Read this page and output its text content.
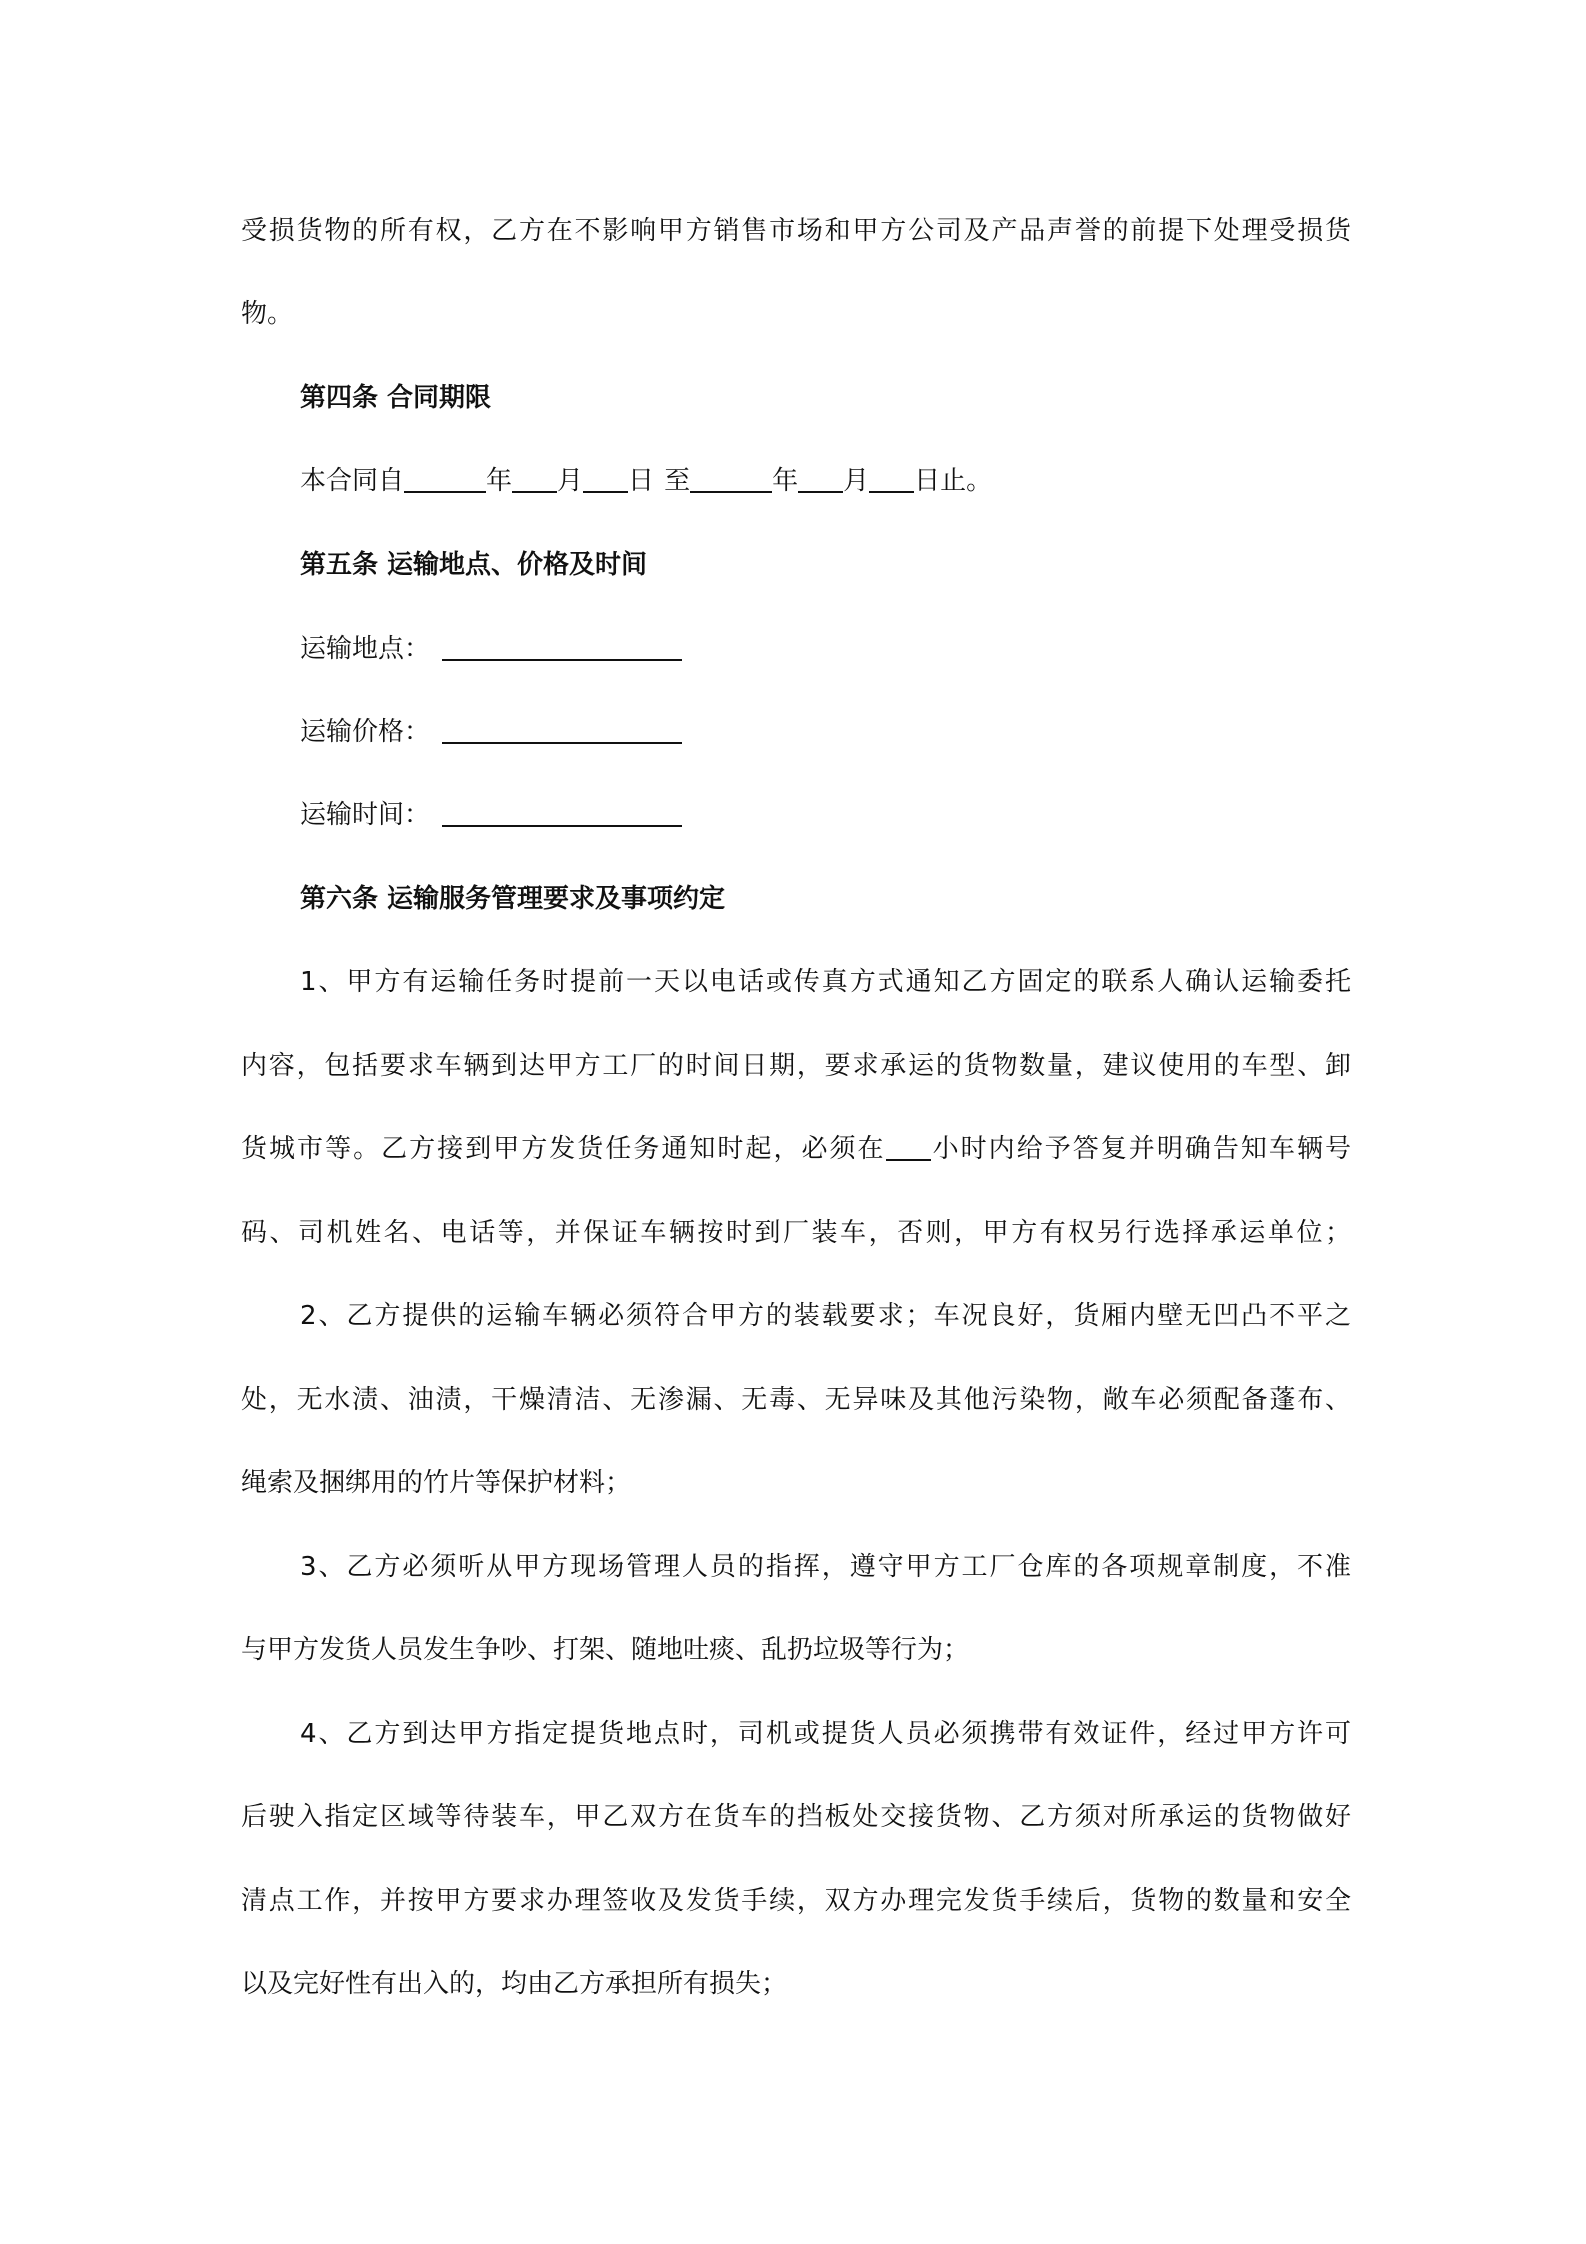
受损货物的所有权，乙方在不影响甲方销售市场和甲方公司及产品声誉的前提下处理受损货
物。
第四条 合同期限
本合同自	年 月 日 至	年 月 日止。
第五条 运输地点、价格及时间
运输地点：
运输价格：
运输时间：
第六条 运输服务管理要求及事项约定
1、甲方有运输任务时提前一天以电话或传真方式通知乙方固定的联系人确认运输委托
内容，包括要求车辆到达甲方工厂的时间日期，要求承运的货物数量，建议使用的车型、卸
货城市等。乙方接到甲方发货任务通知时起，必须在 小时内给予答复并明确告知车辆号
码、司机姓名、电话等，并保证车辆按时到厂装车，否则，甲方有权另行选择承运单位；
2、乙方提供的运输车辆必须符合甲方的装载要求；车况良好，货厢内壁无凹凸不平之
处，无水渍、油渍，干燥清洁、无渗漏、无毒、无异味及其他污染物，敞车必须配备蓬布、
绳索及捆绑用的竹片等保护材料；
3、乙方必须听从甲方现场管理人员的指挥，遵守甲方工厂仓库的各项规章制度，不准
与甲方发货人员发生争吵、打架、随地吐痰、乱扔垃圾等行为；
4、乙方到达甲方指定提货地点时，司机或提货人员必须携带有效证件，经过甲方许可
后驶入指定区域等待装车，甲乙双方在货车的挡板处交接货物、乙方须对所承运的货物做好
清点工作，并按甲方要求办理签收及发货手续，双方办理完发货手续后，货物的数量和安全
以及完好性有出入的，均由乙方承担所有损失；
